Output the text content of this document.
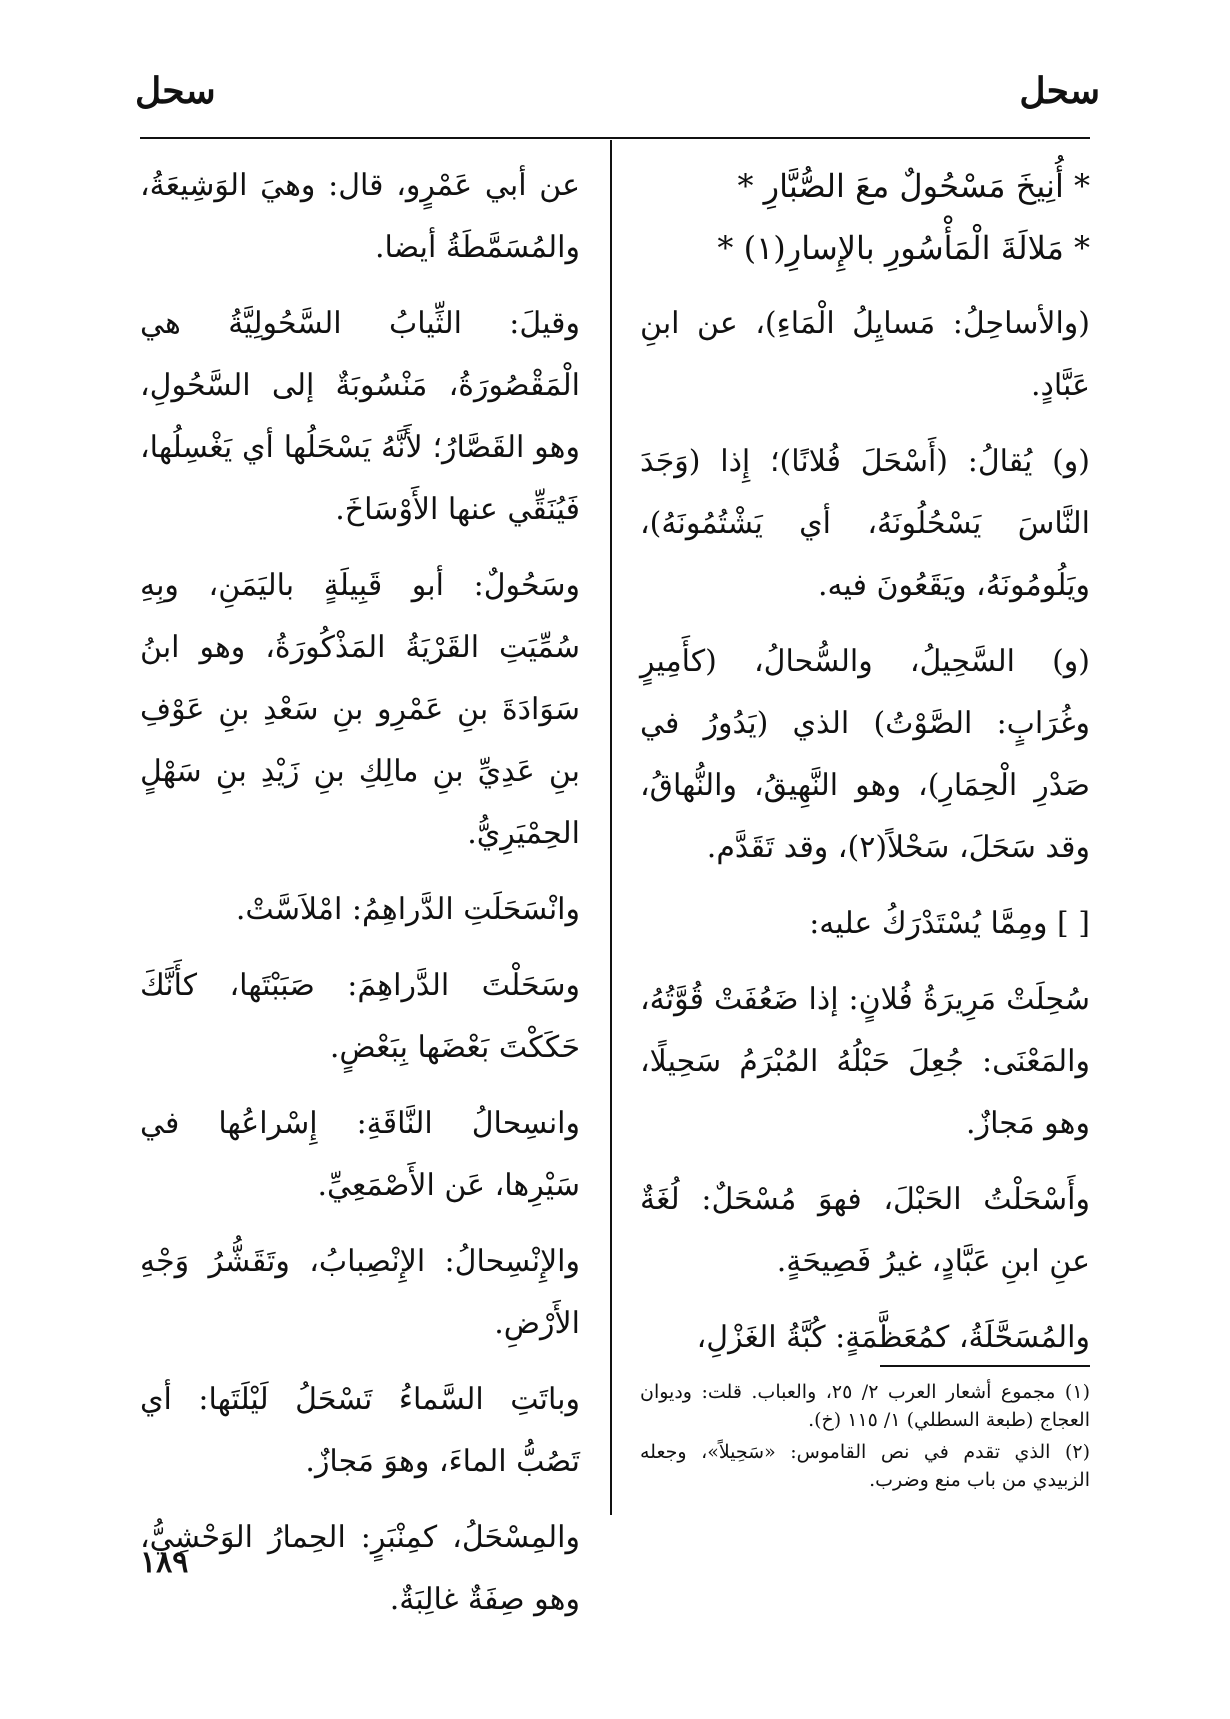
سحل
سحل

* أُنِيخَ مَسْحُولٌ معَ الصُّبَّارِ *

* مَلالَةَ الْمَأْسُورِ بالإِسارِ(١) *

(والأساحِلُ: مَسايِلُ الْمَاءِ)، عن ابنِ عَبَّادٍ.

(و) يُقالُ: (أَسْحَلَ فُلانًا)؛ إِذا (وَجَدَ النَّاسَ يَسْحُلُونَهُ، أي يَشْتُمُونَهُ)، ويَلُومُونَهُ، ويَقَعُونَ فيه.

(و) السَّحِيلُ، والسُّحالُ، (كأَمِيرٍ وغُرَابٍ: الصَّوْتُ) الذي (يَدُورُ في صَدْرِ الْحِمَارِ)، وهو النَّهِيقُ، والنُّهاقُ، وقد سَحَلَ، سَحْلاً(٢)، وقد تَقَدَّم.

[ ] ومِمَّا يُسْتَدْرَكُ عليه:

سُحِلَتْ مَرِيرَةُ فُلانٍ: إذا ضَعُفَتْ قُوَّتُهُ، والمَعْنَى: جُعِلَ حَبْلُهُ المُبْرَمُ سَحِيلًا، وهو مَجازٌ.

وأَسْحَلْتُ الحَبْلَ، فهوَ مُسْحَلٌ: لُغَةٌ عنِ ابنِ عَبَّادٍ، غيرُ فَصِيحَةٍ.

والمُسَحَّلَةُ، كمُعَظَّمَةٍ: كُبَّةُ الغَزْلِ،

(١) مجموع أشعار العرب ٢/ ٢٥، والعباب. قلت: وديوان العجاج (طبعة السطلي) ١/ ١١٥ (خ).

(٢) الذي تقدم في نص القاموس: «سَحِيلاً»، وجعله الزبيدي من باب منع وضرب.

عن أبي عَمْرٍو، قال: وهيَ الوَشِيعَةُ، والمُسَمَّطَةُ أيضا.

وقيلَ: الثِّيابُ السَّحُولِيَّةُ هي الْمَقْصُورَةُ، مَنْسُوبَةٌ إلى السَّحُولِ، وهو القَصَّارُ؛ لأَنَّهُ يَسْحَلُها أي يَغْسِلُها، فَيُنَقِّي عنها الأَوْسَاخَ.

وسَحُولٌ: أبو قَبِيلَةٍ باليَمَنِ، وبِهِ سُمِّيَتِ القَرْيَةُ المَذْكُورَةُ، وهو ابنُ سَوَادَةَ بنِ عَمْرِو بنِ سَعْدِ بنِ عَوْفِ بنِ عَدِيِّ بنِ مالِكِ بنِ زَيْدِ بنِ سَهْلٍ الحِمْيَرِيُّ.

وانْسَحَلَتِ الدَّراهِمُ: امْلاَسَّتْ.

وسَحَلْتَ الدَّراهِمَ: صَبَبْتَها، كأَنَّكَ حَكَكْتَ بَعْضَها بِبَعْضٍ.

وانسِحالُ النَّاقَةِ: إِسْراعُها في سَيْرِها، عَن الأَصْمَعِيِّ.

والإِنْسِحالُ: الإِنْصِبابُ، وتَقَشُّرُ وَجْهِ الأَرْضِ.

وباتَتِ السَّماءُ تَسْحَلُ لَيْلَتَها: أي تَصُبُّ الماءَ، وهوَ مَجازٌ.

والمِسْحَلُ، كمِنْبَرٍ: الحِمارُ الوَحْشِيُّ، وهو صِفَةٌ غالِبَةٌ.

١٨٩
